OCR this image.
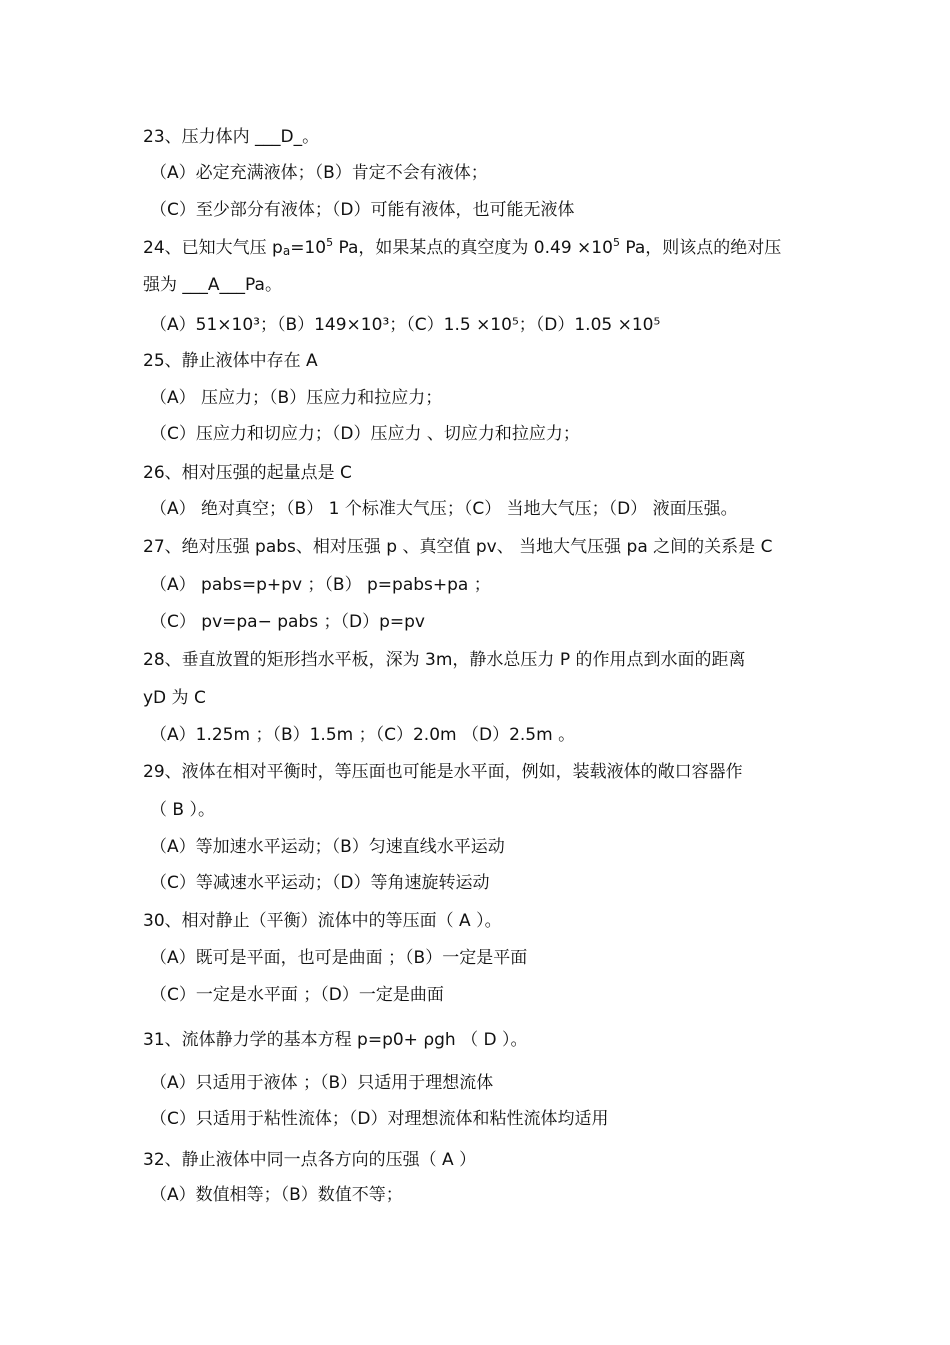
23、压力体内 ___D_。
（A）必定充满液体；（B）肯定不会有液体；
（C）至少部分有液体；（D）可能有液体，也可能无液体
24、已知大气压 $p_a=10^5$ Pa，如果某点的真空度为 $0.49 \times 10^5$ Pa，则该点的绝对压
强为 ___A___Pa。
（A）51×10³；（B）149×10³；（C）1.5 ×10⁵；（D）1.05 ×10⁵
25、静止液体中存在 A
（A） 压应力；（B）压应力和拉应力；
（C）压应力和切应力；（D）压应力 、切应力和拉应力；
26、相对压强的起量点是 C
（A） 绝对真空；（B） 1 个标准大气压；（C） 当地大气压；（D） 液面压强。
27、绝对压强 pabs、相对压强 p 、真空值 pv、 当地大气压强 pa 之间的关系是 C
（A） pabs=p+pv ；（B） p=pabs+pa ；
（C） pv=pa− pabs ；（D）p=pv
28、垂直放置的矩形挡水平板，深为 3m，静水总压力 P 的作用点到水面的距离
yD 为 C
（A）1.25m ；（B）1.5m ；（C）2.0m （D）2.5m 。
29、液体在相对平衡时，等压面也可能是水平面，例如，装载液体的敞口容器作
（ B ）。
（A）等加速水平运动；（B）匀速直线水平运动
（C）等减速水平运动；（D）等角速旋转运动
30、相对静止（平衡）流体中的等压面（ A ）。
（A）既可是平面，也可是曲面 ；（B）一定是平面
（C）一定是水平面 ；（D）一定是曲面
31、流体静力学的基本方程 p=p0+ ρgh （ D ）。
（A）只适用于液体 ；（B）只适用于理想流体
（C）只适用于粘性流体；（D）对理想流体和粘性流体均适用
32、静止液体中同一点各方向的压强（ A ）
（A）数值相等；（B）数值不等；
